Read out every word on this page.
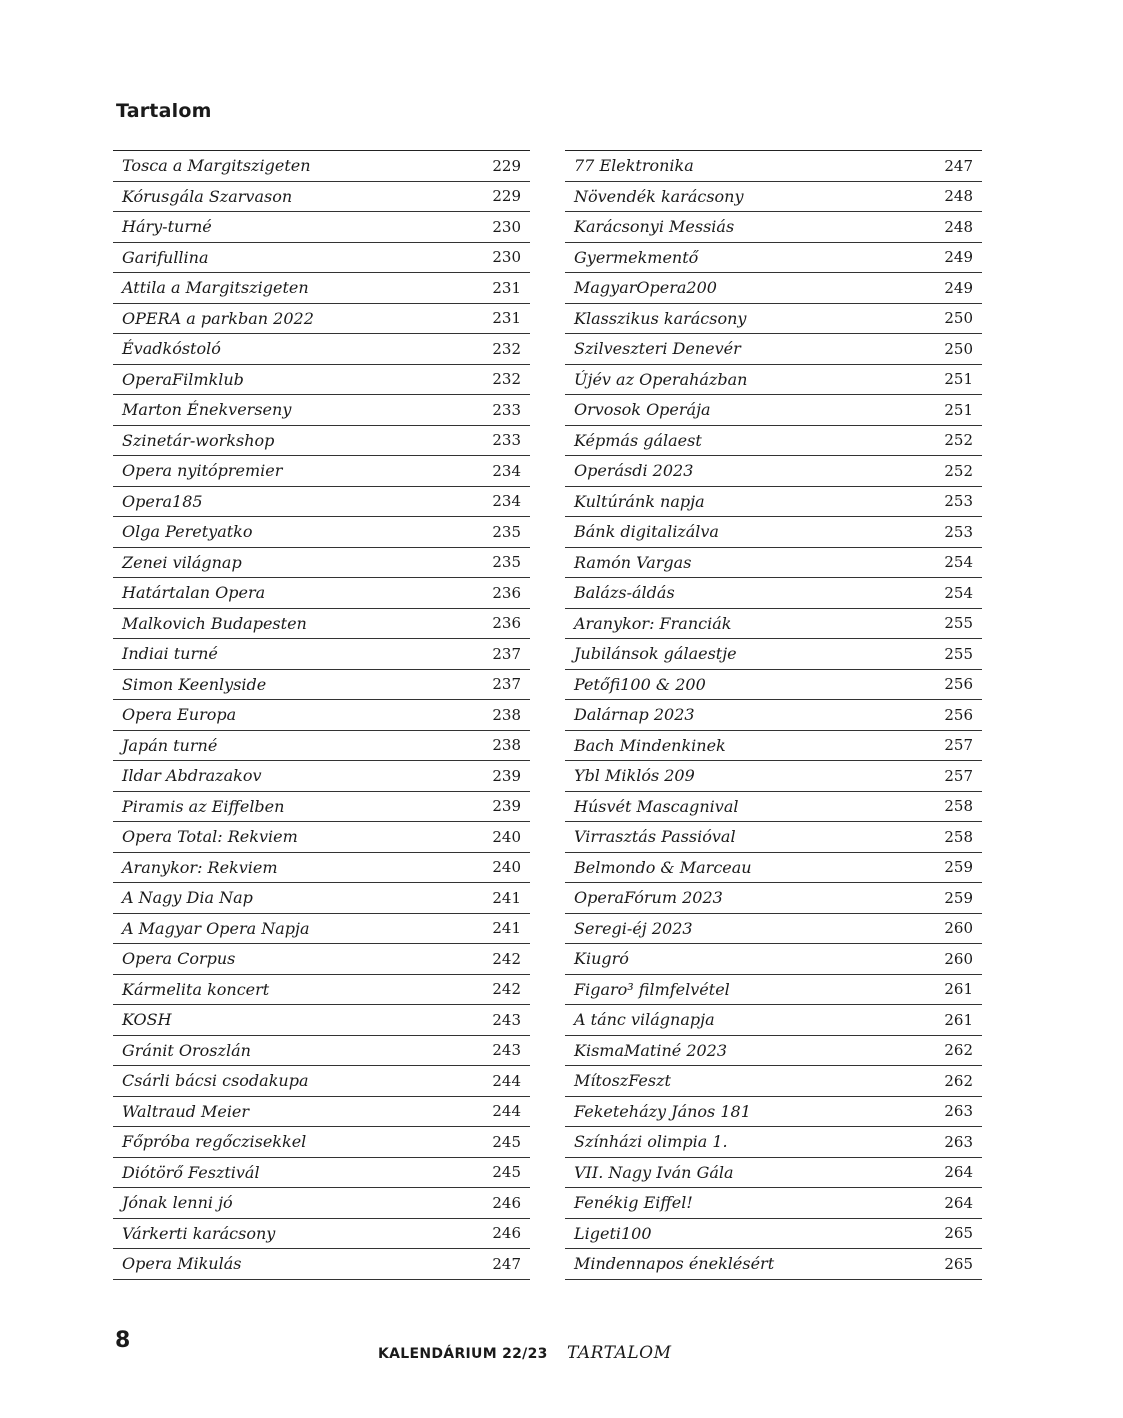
Tartalom
Tosca a Margitszigeten	229
Kórusgála Szarvason	229
Háry-turné	230
Garifullina	230
Attila a Margitszigeten	231
OPERA a parkban 2022	231
Évadkóstoló	232
OperaFilmklub	232
Marton Énekverseny	233
Szinetár-workshop	233
Opera nyitópremier	234
Opera185	234
Olga Peretyatko	235
Zenei világnap	235
Határtalan Opera	236
Malkovich Budapesten	236
Indiai turné	237
Simon Keenlyside	237
Opera Europa	238
Japán turné	238
Ildar Abdrazakov	239
Piramis az Eiffelben	239
Opera Total: Rekviem	240
Aranykor: Rekviem	240
A Nagy Dia Nap	241
A Magyar Opera Napja	241
Opera Corpus	242
Kármelita koncert	242
KOSH	243
Gránit Oroszlán	243
Csárli bácsi csodakupa	244
Waltraud Meier	244
Főpróba regőczisekkel	245
Diótörő Fesztivál	245
Jónak lenni jó	246
Várkerti karácsony	246
Opera Mikulás	247
77 Elektronika	247
Növendék karácsony	248
Karácsonyi Messiás	248
Gyermekmentő	249
MagyarOpera200	249
Klasszikus karácsony	250
Szilveszteri Denevér	250
Újév az Operaházban	251
Orvosok Operája	251
Képmás gálaest	252
Operásdi 2023	252
Kultúránk napja	253
Bánk digitalizálva	253
Ramón Vargas	254
Balázs-áldás	254
Aranykor: Franciák	255
Jubilánsok gálaestje	255
Petőfi100 & 200	256
Dalárnap 2023	256
Bach Mindenkinek	257
Ybl Miklós 209	257
Húsvét Mascagnival	258
Virrasztás Passióval	258
Belmondo & Marceau	259
OperaFórum 2023	259
Seregi-éj 2023	260
Kiugró	260
Figaro³ filmfelvétel	261
A tánc világnapja	261
KismaMatiné 2023	262
MítoszFeszt	262
Feketeházy János 181	263
Színházi olimpia 1.	263
VII. Nagy Iván Gála	264
Fenékig Eiffel!	264
Ligeti100	265
Mindennapos éneklésért	265
8
KALENDÁRIUM 22/23 TARTALOM
